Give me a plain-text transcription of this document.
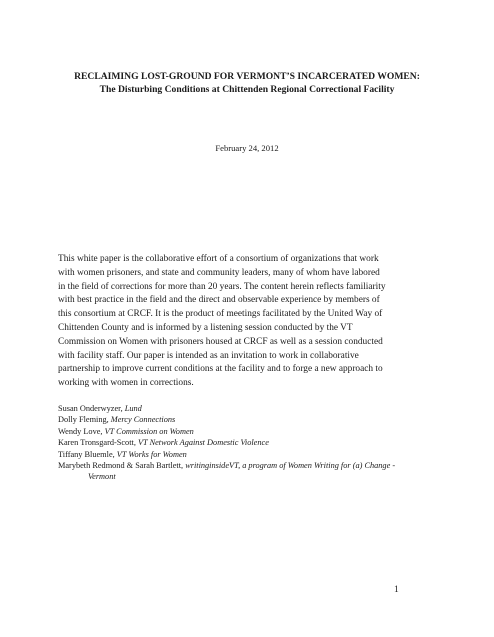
RECLAIMING LOST-GROUND FOR VERMONT’S INCARCERATED WOMEN:
The Disturbing Conditions at Chittenden Regional Correctional Facility
February 24, 2012
This white paper is the collaborative effort of a consortium of organizations that work
with women prisoners, and state and community leaders, many of whom have labored
in the field of corrections for more than 20 years. The content herein reflects familiarity
with best practice in the field and the direct and observable experience by members of
this consortium at CRCF. It is the product of meetings facilitated by the United Way of
Chittenden County and is informed by a listening session conducted by the VT
Commission on Women with prisoners housed at CRCF as well as a session conducted
with facility staff. Our paper is intended as an invitation to work in collaborative
partnership to improve current conditions at the facility and to forge a new approach to
working with women in corrections.
Susan Onderwyzer, Lund
Dolly Fleming, Mercy Connections
Wendy Love, VT Commission on Women
Karen Tronsgard-Scott, VT Network Against Domestic Violence
Tiffany Bluemle, VT Works for Women
Marybeth Redmond & Sarah Bartlett, writinginsideVT, a program of Women Writing for (a) Change -
Vermont
1
